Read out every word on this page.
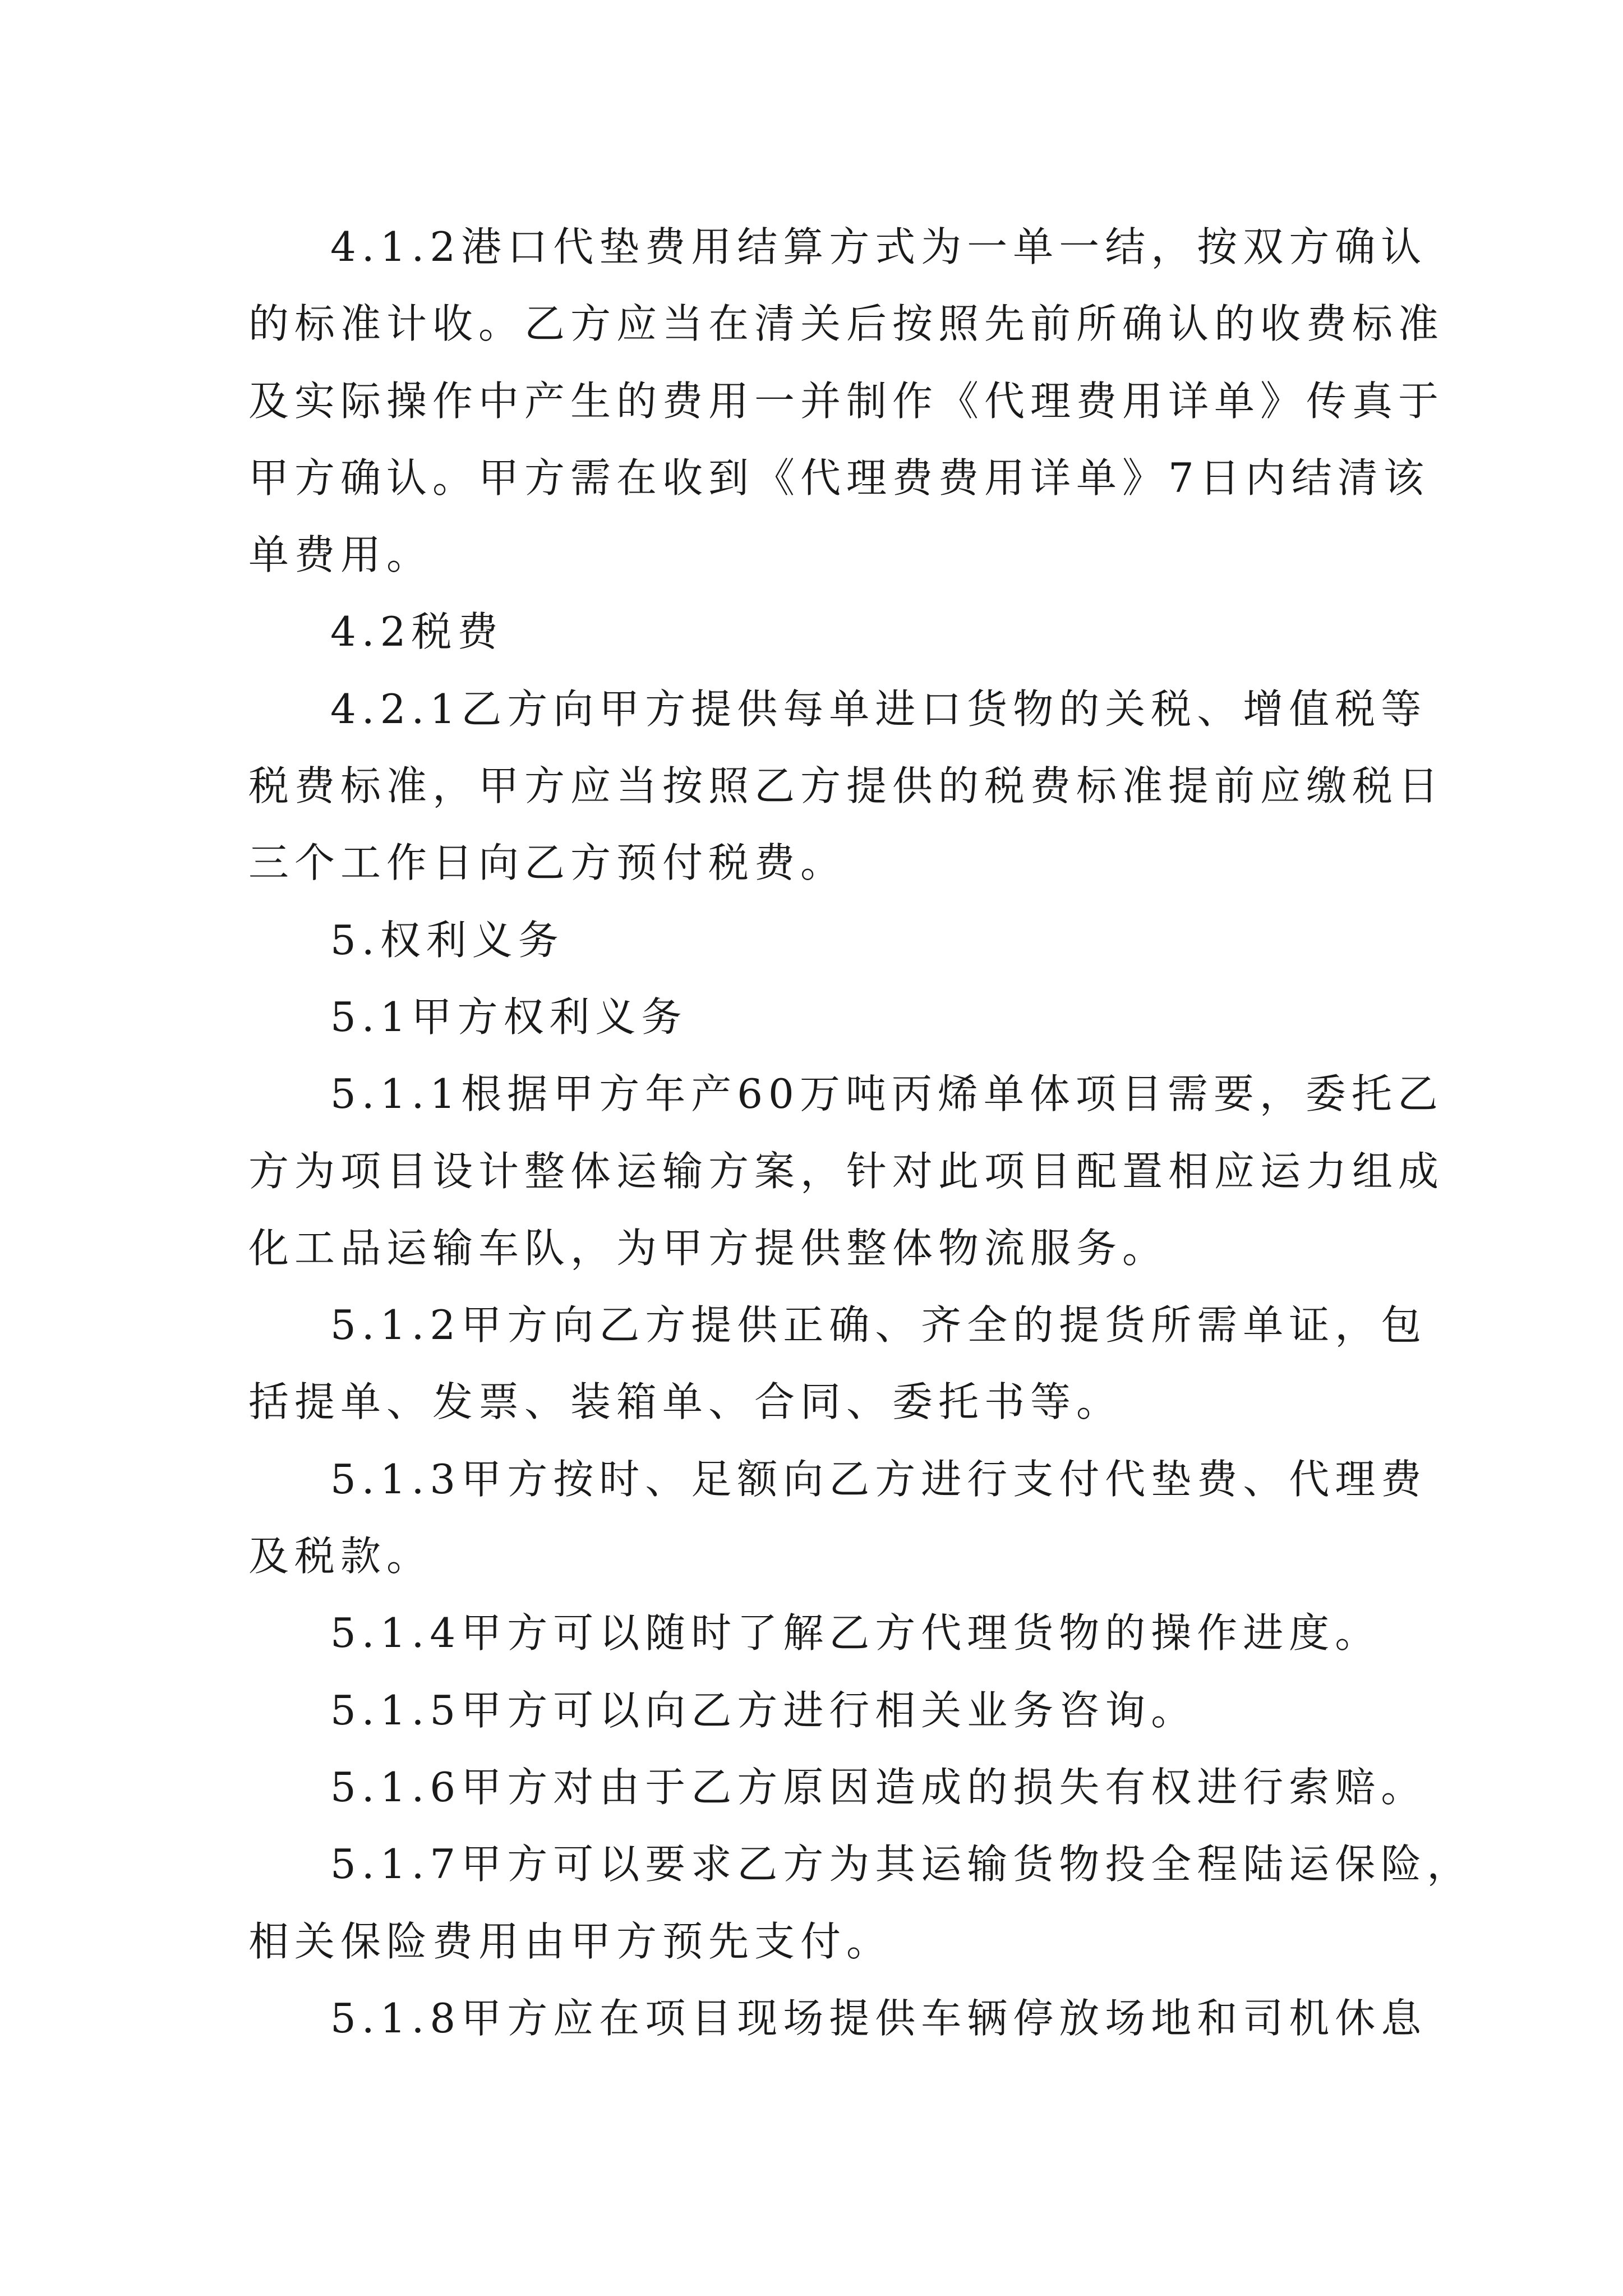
4.1.2港口代垫费用结算方式为一单一结，按双方确认
的标准计收。乙方应当在清关后按照先前所确认的收费标准
及实际操作中产生的费用一并制作《代理费用详单》传真于
甲方确认。甲方需在收到《代理费费用详单》7日内结清该
单费用。
4.2税费
4.2.1乙方向甲方提供每单进口货物的关税、增值税等
税费标准，甲方应当按照乙方提供的税费标准提前应缴税日
三个工作日向乙方预付税费。
5.权利义务
5.1甲方权利义务
5.1.1根据甲方年产60万吨丙烯单体项目需要，委托乙
方为项目设计整体运输方案，针对此项目配置相应运力组成
化工品运输车队，为甲方提供整体物流服务。
5.1.2甲方向乙方提供正确、齐全的提货所需单证，包
括提单、发票、装箱单、合同、委托书等。
5.1.3甲方按时、足额向乙方进行支付代垫费、代理费
及税款。
5.1.4甲方可以随时了解乙方代理货物的操作进度。
5.1.5甲方可以向乙方进行相关业务咨询。
5.1.6甲方对由于乙方原因造成的损失有权进行索赔。
5.1.7甲方可以要求乙方为其运输货物投全程陆运保险，
相关保险费用由甲方预先支付。
5.1.8甲方应在项目现场提供车辆停放场地和司机休息
